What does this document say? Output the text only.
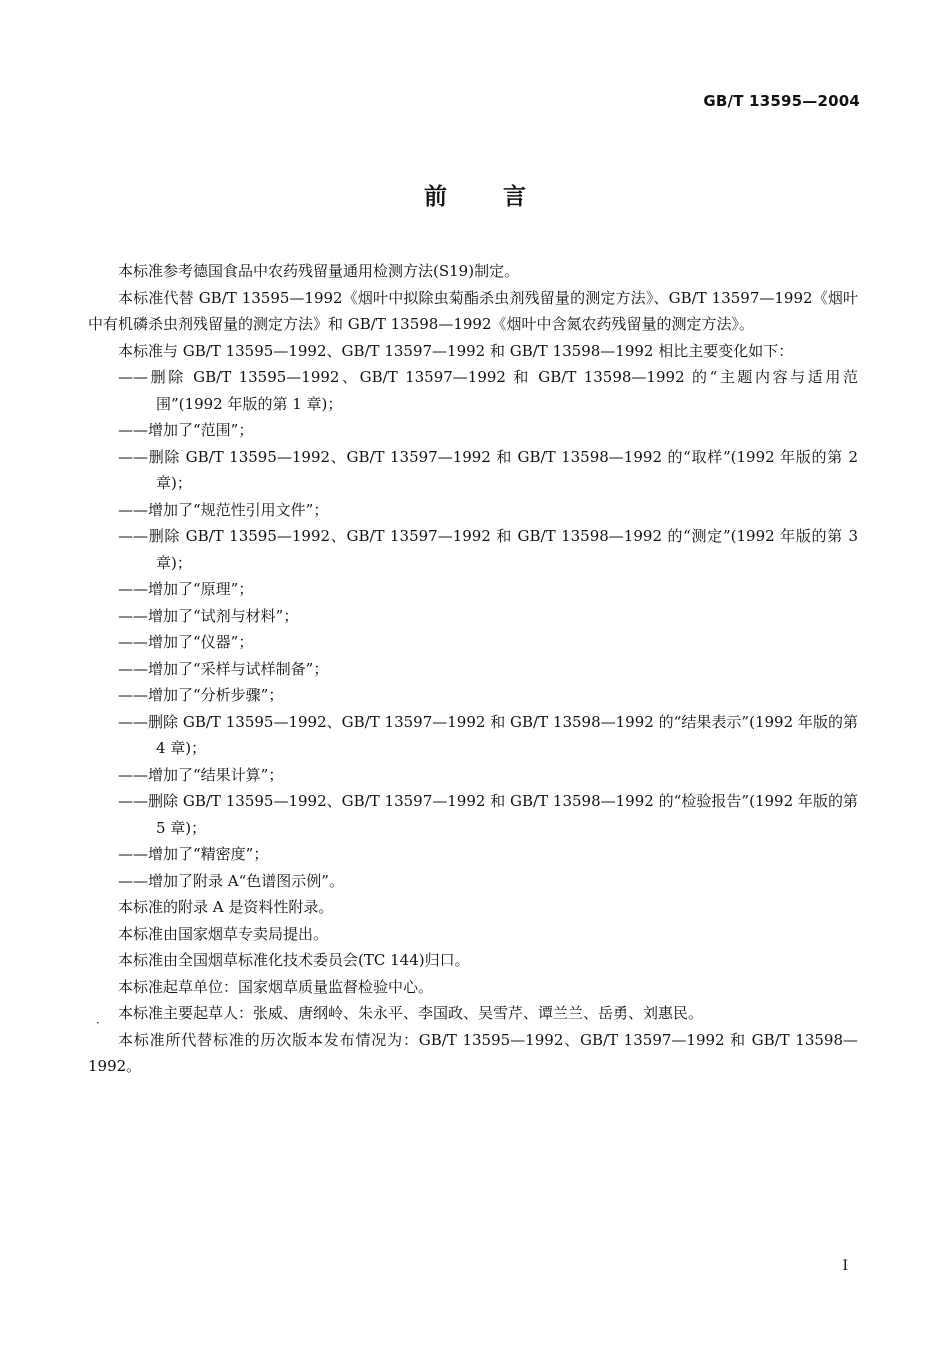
GB/T 13595—2004
前言

本标准参考德国食品中农药残留量通用检测方法(S19)制定。

本标准代替 GB/T 13595—1992《烟叶中拟除虫菊酯杀虫剂残留量的测定方法》、GB/T 13597—1992《烟叶中有机磷杀虫剂残留量的测定方法》和 GB/T 13598—1992《烟叶中含氮农药残留量的测定方法》。

本标准与 GB/T 13595—1992、GB/T 13597—1992 和 GB/T 13598—1992 相比主要变化如下：

——删除 GB/T 13595—1992、GB/T 13597—1992 和 GB/T 13598—1992 的“主题内容与适用范围”(1992 年版的第 1 章)；

——增加了“范围”；

——删除 GB/T 13595—1992、GB/T 13597—1992 和 GB/T 13598—1992 的“取样”(1992 年版的第 2 章)；

——增加了“规范性引用文件”；

——删除 GB/T 13595—1992、GB/T 13597—1992 和 GB/T 13598—1992 的“测定”(1992 年版的第 3 章)；

——增加了“原理”；

——增加了“试剂与材料”；

——增加了“仪器”；

——增加了“采样与试样制备”；

——增加了“分析步骤”；

——删除 GB/T 13595—1992、GB/T 13597—1992 和 GB/T 13598—1992 的“结果表示”(1992 年版的第 4 章)；

——增加了“结果计算”；

——删除 GB/T 13595—1992、GB/T 13597—1992 和 GB/T 13598—1992 的“检验报告”(1992 年版的第 5 章)；

——增加了“精密度”；

——增加了附录 A“色谱图示例”。

本标准的附录 A 是资料性附录。

本标准由国家烟草专卖局提出。

本标准由全国烟草标准化技术委员会(TC 144)归口。

本标准起草单位：国家烟草质量监督检验中心。

本标准主要起草人：张威、唐纲岭、朱永平、李国政、吴雪芹、谭兰兰、岳勇、刘惠民。

本标准所代替标准的历次版本发布情况为：GB/T 13595—1992、GB/T 13597—1992 和 GB/T 13598—1992。

·
I
